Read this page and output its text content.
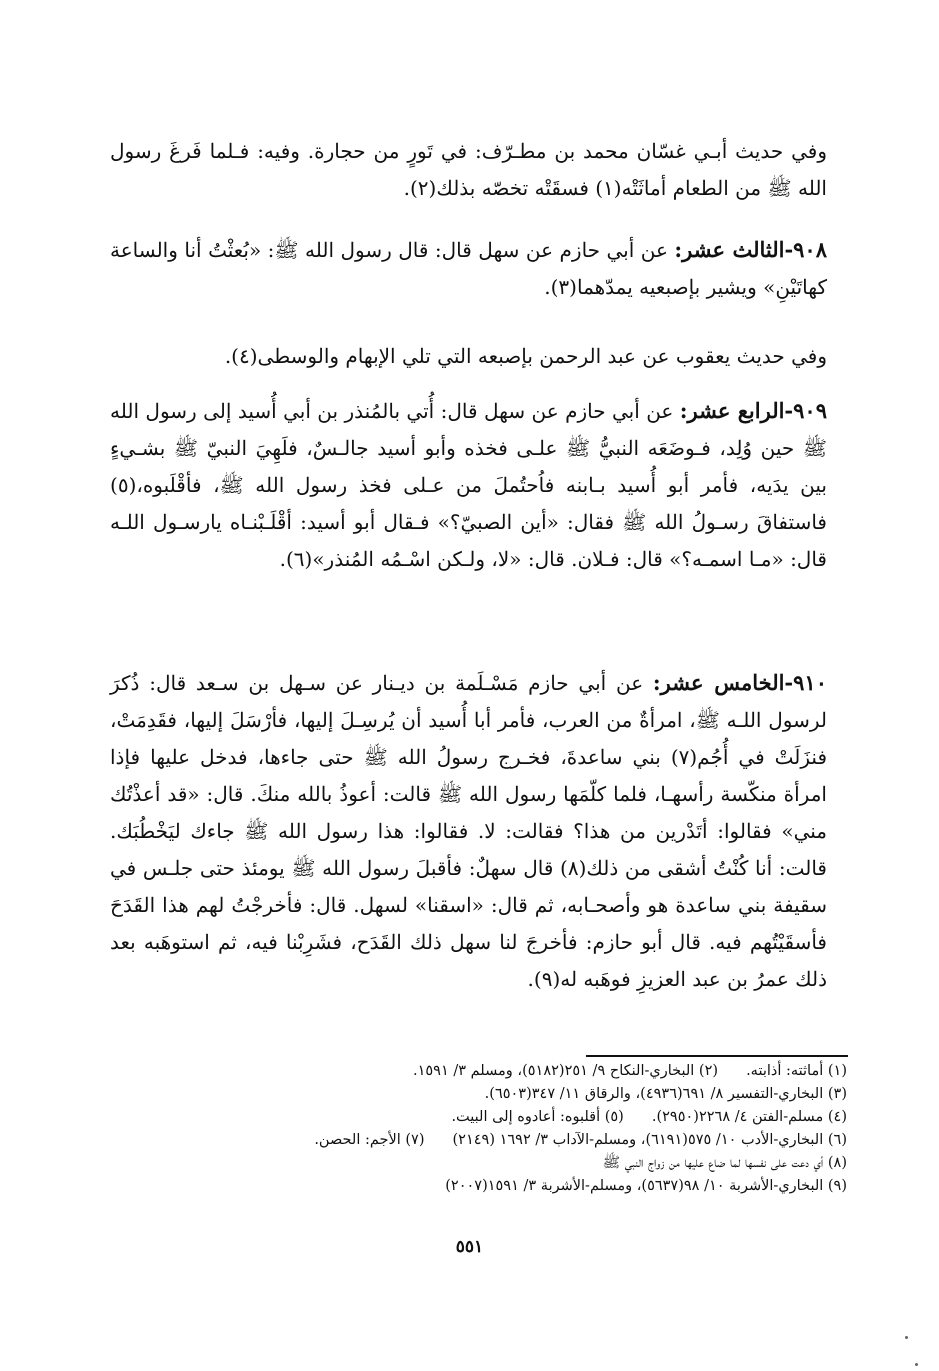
وفي حديث أبـي غسّان محمد بن مطـرّف: في تَورٍ من حجارة. وفيه: فـلما فَرغَ رسول الله ﷺ من الطعام أماثَتْه(١) فسقَتْه تخصّه بذلك(٢).

٩٠٨-الثالث عشر: عن أبي حازم عن سهل قال: قال رسول الله ﷺ: «بُعثْتُ أنا والساعة كهاتَيْنِ» ويشير بإصبعيه يمدّهما(٣).

وفي حديث يعقوب عن عبد الرحمن بإصبعه التي تلي الإبهام والوسطى(٤).

٩٠٩-الرابع عشر: عن أبي حازم عن سهل قال: أُتي بالمُنذر بن أبي أُسيد إلى رسول الله ﷺ حين وُلِد، فـوضَعَه النبيُّ ﷺ علـى فخذه وأبو أسيد جالـسٌ، فلَهِيَ النبيّ ﷺ بشـيءٍ بين يدَيه، فأمر أبو أُسيد بـابنه فاُحتُملَ من عـلى فخذ رسول الله ﷺ، فأقْلَبوه،(٥) فاستفاقَ رسـولُ الله ﷺ فقال: «أين الصبيّ؟» فـقال أبو أسيد: أقْلَـبْنـاه يارسـول اللـه قال: «مـا اسمـه؟» قال: فـلان. قال: «لا، ولـكن اسْـمُه المُنذر»(٦).

٩١٠-الخامس عشر: عن أبي حازم مَسْـلَمة بن ديـنار عن سـهل بن سـعد قال: ذُكرَ لرسول اللـه ﷺ، امرأةٌ من العرب، فأمر أبا أُسيد أن يُرسِـلَ إليها، فأرْسَلَ إليها، فقَدِمَتْ، فنزَلَتْ في أُجُم(٧) بني ساعدةَ، فخـرج رسولُ الله ﷺ حتى جاءها، فدخل عليها فإذا امرأة منكّسة رأسهـا، فلما كلّمَها رسول الله ﷺ قالت: أعوذُ بالله منكَ. قال: «قد أعذْتُك مني» فقالوا: أتَدْرين من هذا؟ فقالت: لا. فقالوا: هذا رسول الله ﷺ جاءك ليَخْطُبَك. قالت: أنا كُنْتُ أشقى من ذلك(٨) قال سهلٌ: فأقبلَ رسول الله ﷺ يومئذ حتى جلـس في سقيفة بني ساعدة هو وأصحـابه، ثم قال: «اسقنا» لسهل. قال: فأخرجْتُ لهم هذا القَدَحَ فأسقَيْتُهم فيه. قال أبو حازم: فأخرجَ لنا سهل ذلك القَدَح، فشَرِبْنا فيه، ثم استوهَبه بعد ذلك عمرُ بن عبد العزيزِ فوهَبه له(٩).

(١) أماثته: أذابته.
(٢) البخاري-النكاح ٩/ ٢٥١(٥١٨٢)، ومسلم ٣/ ١٥٩١.
(٣) البخاري-التفسير ٨/ ٦٩١(٤٩٣٦)، والرقاق ١١/ ٣٤٧(٦٥٠٣).
(٤) مسلم-الفتن ٤/ ٢٢٦٨(٢٩٥٠).
(٥) أقلبوه: أعادوه إلى البيت.
(٦) البخاري-الأدب ١٠/ ٥٧٥(٦١٩١)، ومسلم-الآداب ٣/ ١٦٩٢ (٢١٤٩)
(٧) الأجم: الحصن.
(٨) أي دعت على نفسها لما ضاع عليها من زواج النبي ﷺ
(٩) البخاري-الأشربة ١٠/ ٩٨(٥٦٣٧)، ومسلم-الأشربة ٣/ ١٥٩١(٢٠٠٧)
٥٥١
